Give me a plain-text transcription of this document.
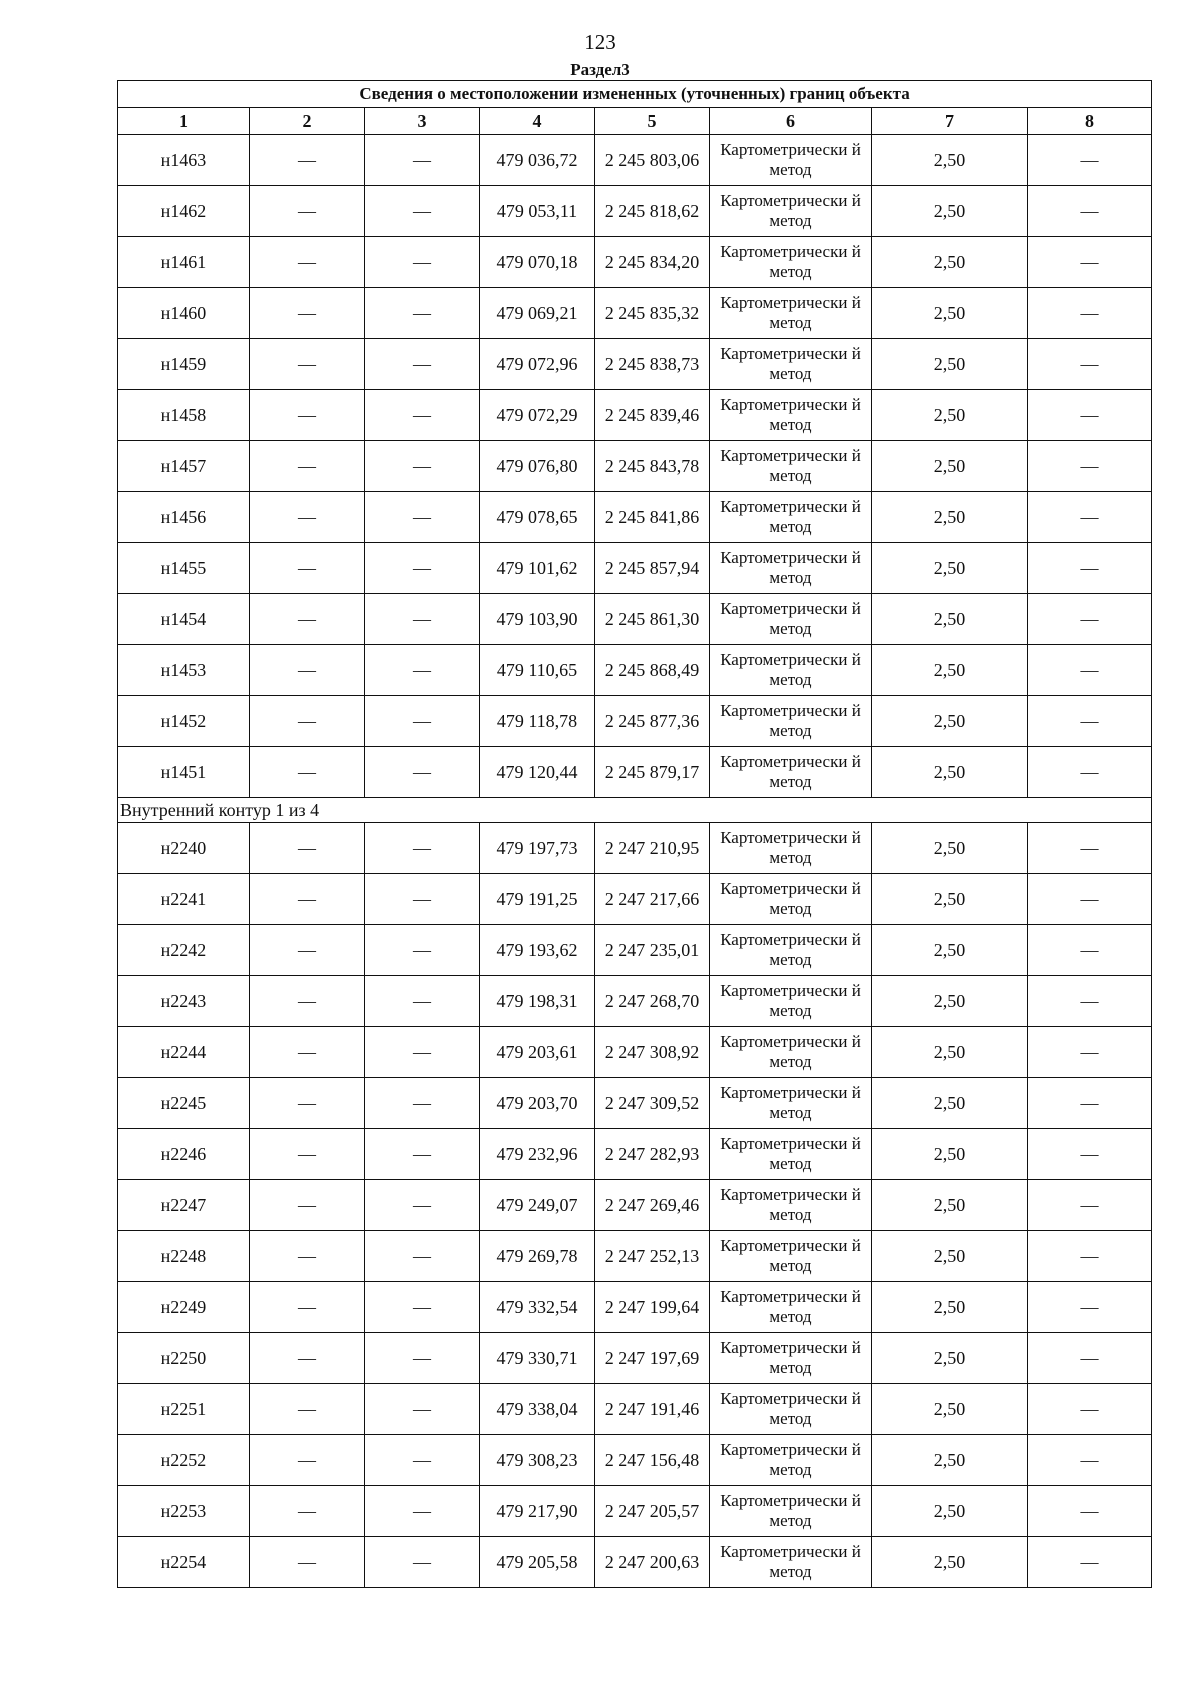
123
Раздел3
Сведения о местоположении измененных (уточненных) границ объекта							
1	2	3	4	5	6	7	8
н1463	—	—	479 036,72	2 245 803,06	Картометрически й метод	2,50	—
н1462	—	—	479 053,11	2 245 818,62	Картометрически й метод	2,50	—
н1461	—	—	479 070,18	2 245 834,20	Картометрически й метод	2,50	—
н1460	—	—	479 069,21	2 245 835,32	Картометрически й метод	2,50	—
н1459	—	—	479 072,96	2 245 838,73	Картометрически й метод	2,50	—
н1458	—	—	479 072,29	2 245 839,46	Картометрически й метод	2,50	—
н1457	—	—	479 076,80	2 245 843,78	Картометрически й метод	2,50	—
н1456	—	—	479 078,65	2 245 841,86	Картометрически й метод	2,50	—
н1455	—	—	479 101,62	2 245 857,94	Картометрически й метод	2,50	—
н1454	—	—	479 103,90	2 245 861,30	Картометрически й метод	2,50	—
н1453	—	—	479 110,65	2 245 868,49	Картометрически й метод	2,50	—
н1452	—	—	479 118,78	2 245 877,36	Картометрически й метод	2,50	—
н1451	—	—	479 120,44	2 245 879,17	Картометрически й метод	2,50	—
Внутренний контур 1 из 4							
н2240	—	—	479 197,73	2 247 210,95	Картометрически й метод	2,50	—
н2241	—	—	479 191,25	2 247 217,66	Картометрически й метод	2,50	—
н2242	—	—	479 193,62	2 247 235,01	Картометрически й метод	2,50	—
н2243	—	—	479 198,31	2 247 268,70	Картометрически й метод	2,50	—
н2244	—	—	479 203,61	2 247 308,92	Картометрически й метод	2,50	—
н2245	—	—	479 203,70	2 247 309,52	Картометрически й метод	2,50	—
н2246	—	—	479 232,96	2 247 282,93	Картометрически й метод	2,50	—
н2247	—	—	479 249,07	2 247 269,46	Картометрически й метод	2,50	—
н2248	—	—	479 269,78	2 247 252,13	Картометрически й метод	2,50	—
н2249	—	—	479 332,54	2 247 199,64	Картометрически й метод	2,50	—
н2250	—	—	479 330,71	2 247 197,69	Картометрически й метод	2,50	—
н2251	—	—	479 338,04	2 247 191,46	Картометрически й метод	2,50	—
н2252	—	—	479 308,23	2 247 156,48	Картометрически й метод	2,50	—
н2253	—	—	479 217,90	2 247 205,57	Картометрически й метод	2,50	—
н2254	—	—	479 205,58	2 247 200,63	Картометрически й метод	2,50	—
